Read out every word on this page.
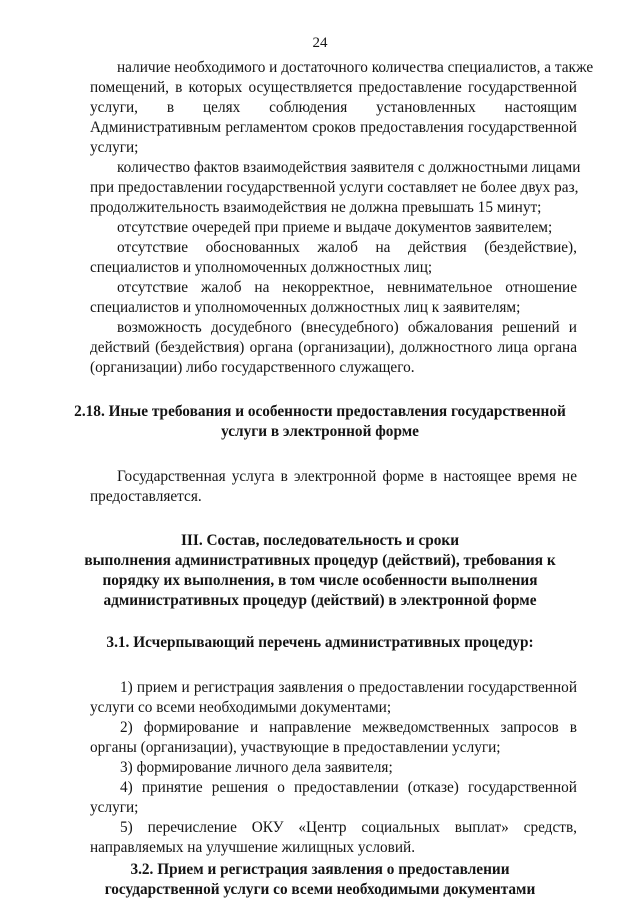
24
наличие необходимого и достаточного количества специалистов, а также
помещений, в которых осуществляется предоставление государственной
услуги, в целях соблюдения установленных настоящим
Административным регламентом сроков предоставления государственной
услуги;
количество фактов взаимодействия заявителя с должностными лицами
при предоставлении государственной услуги составляет не более двух раз,
продолжительность взаимодействия не должна превышать 15 минут;
отсутствие очередей при приеме и выдаче документов заявителем;
отсутствие обоснованных жалоб на действия (бездействие),
специалистов и уполномоченных должностных лиц;
отсутствие жалоб на некорректное, невнимательное отношение
специалистов и уполномоченных должностных лиц к заявителям;
возможность досудебного (внесудебного) обжалования решений и
действий (бездействия) органа (организации), должностного лица органа
(организации) либо государственного служащего.
2.18. Иные требования и особенности предоставления государственной
услуги в электронной форме
Государственная услуга в электронной форме в настоящее время не
предоставляется.
III. Состав, последовательность и сроки
выполнения административных процедур (действий), требования к
порядку их выполнения, в том числе особенности выполнения
административных процедур (действий) в электронной форме
3.1. Исчерпывающий перечень административных процедур:
1) прием и регистрация заявления о предоставлении государственной
услуги со всеми необходимыми документами;
2) формирование и направление межведомственных запросов в
органы (организации), участвующие в предоставлении услуги;
3) формирование личного дела заявителя;
4) принятие решения о предоставлении (отказе) государственной
услуги;
5) перечисление ОКУ «Центр социальных выплат» средств,
направляемых на улучшение жилищных условий.
3.2. Прием и регистрация заявления о предоставлении
государственной услуги со всеми необходимыми документами
